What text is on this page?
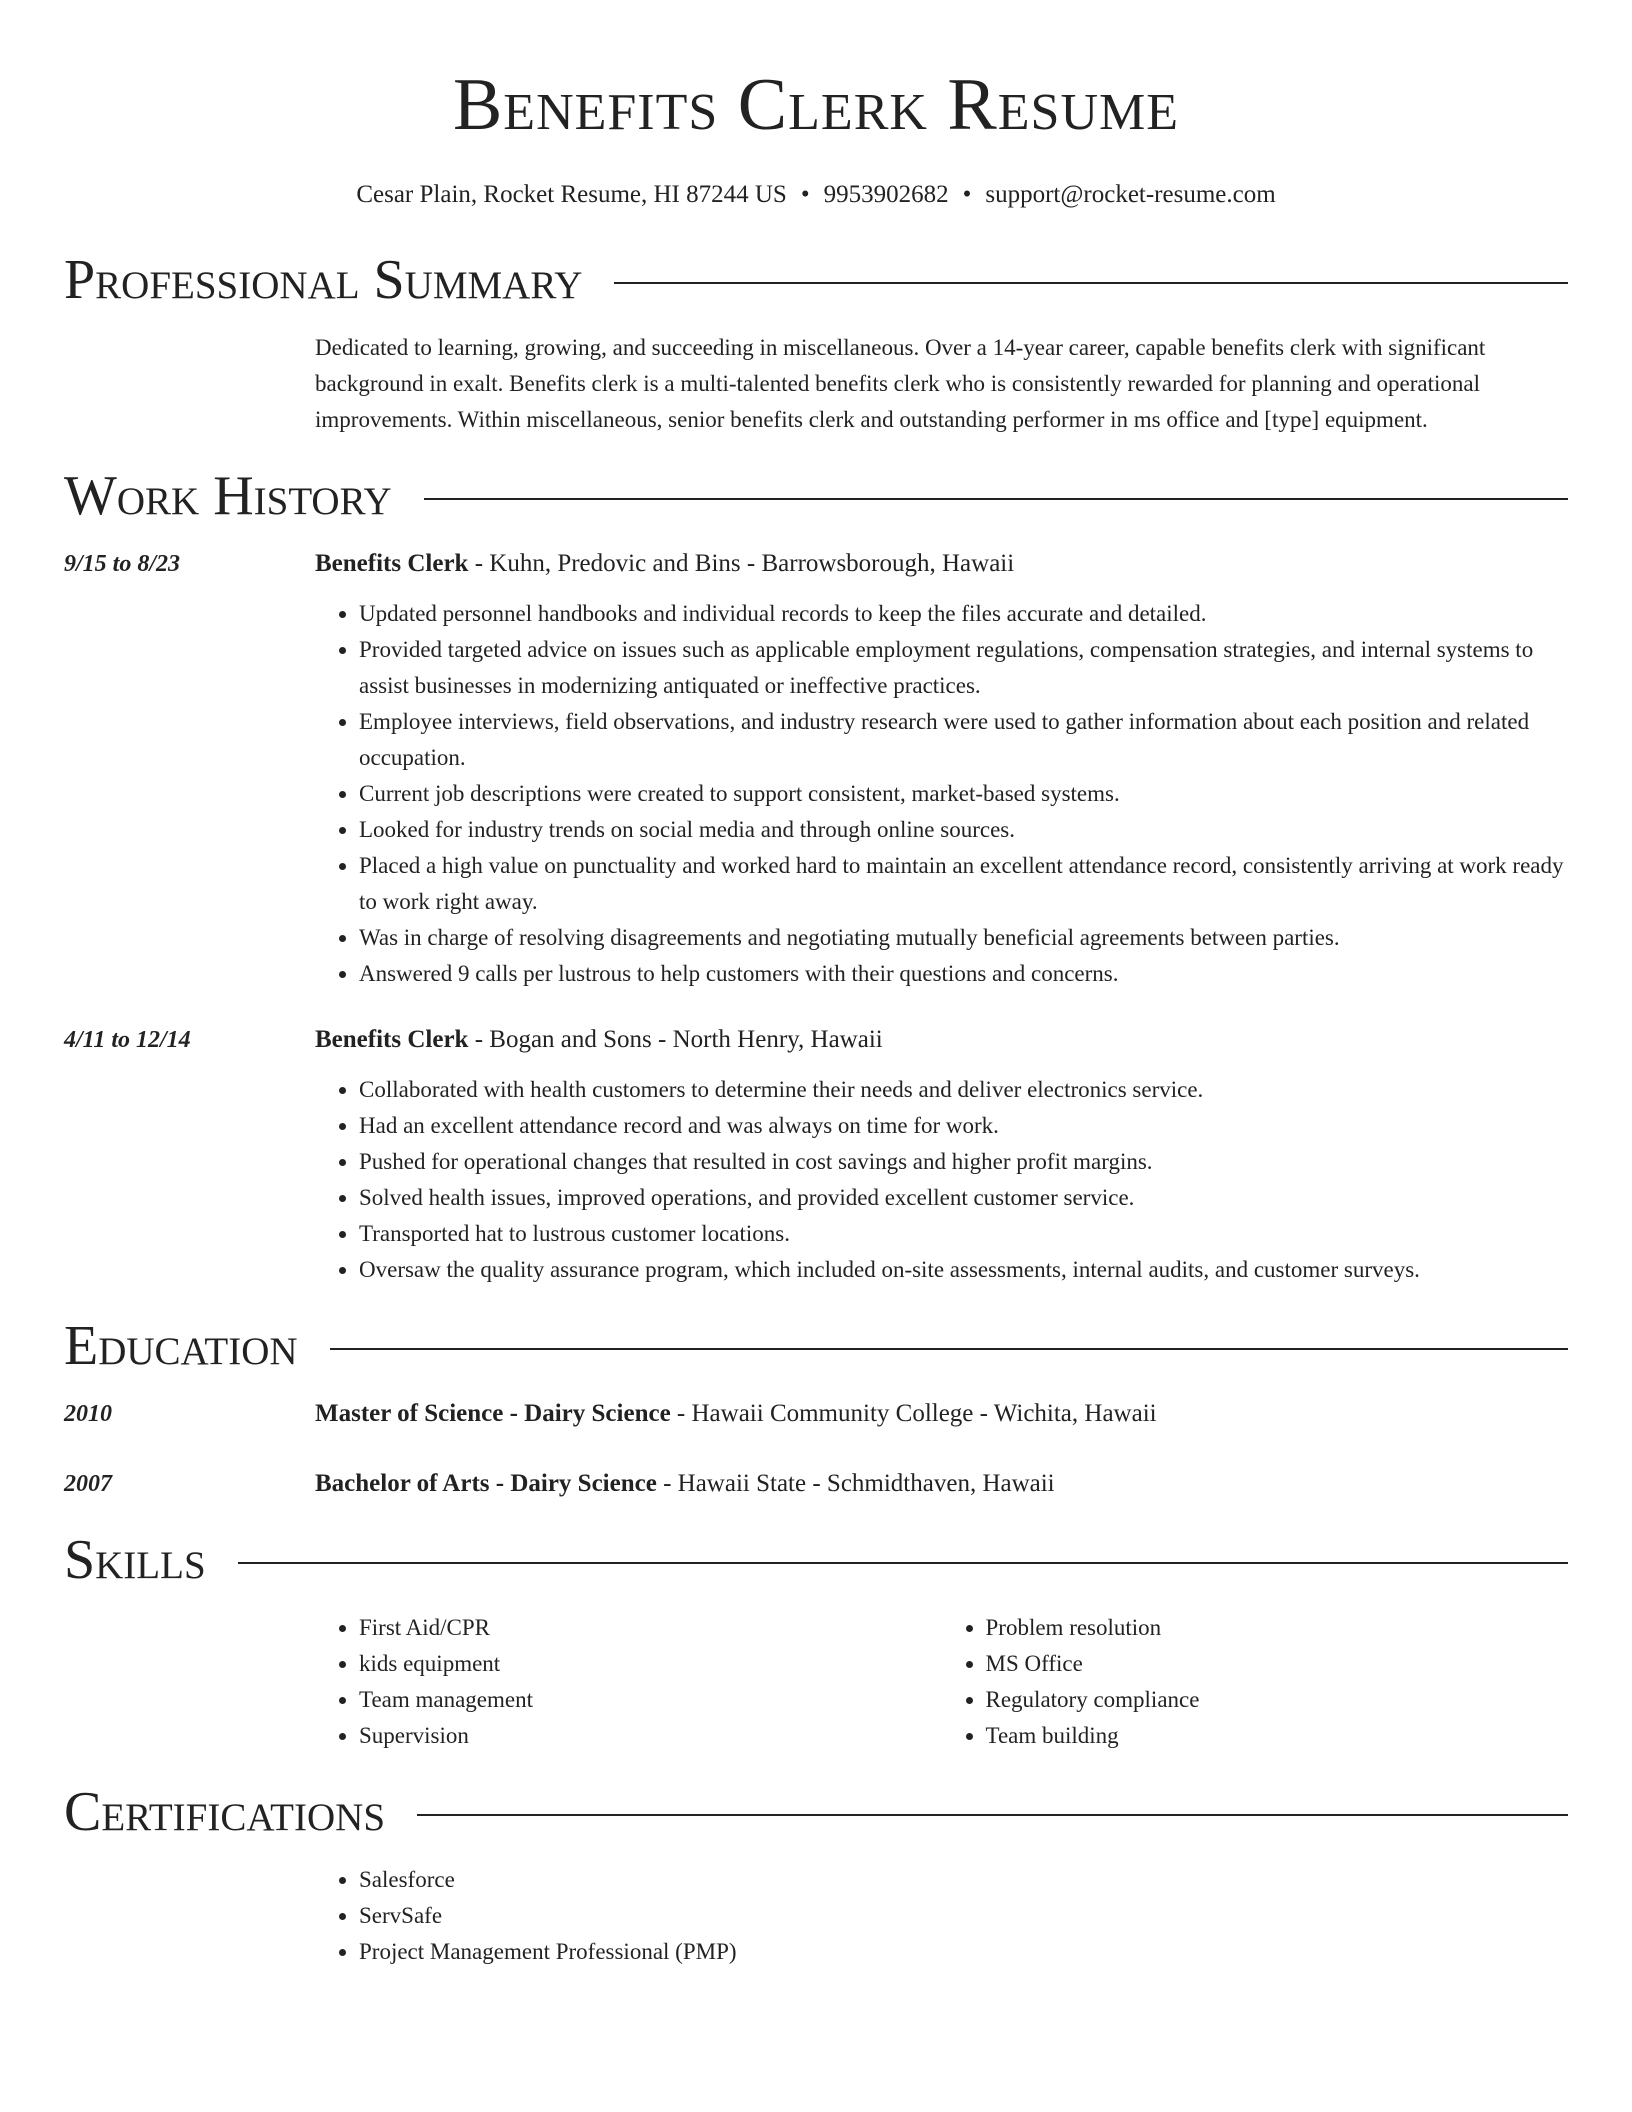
Benefits Clerk Resume
Cesar Plain, Rocket Resume, HI 87244 US • 9953902682 • support@rocket-resume.com
Professional Summary
Dedicated to learning, growing, and succeeding in miscellaneous. Over a 14-year career, capable benefits clerk with significant background in exalt. Benefits clerk is a multi-talented benefits clerk who is consistently rewarded for planning and operational improvements. Within miscellaneous, senior benefits clerk and outstanding performer in ms office and [type] equipment.
Work History
9/15 to 8/23	Benefits Clerk - Kuhn, Predovic and Bins - Barrowsborough, Hawaii
• Updated personnel handbooks and individual records to keep the files accurate and detailed.
• Provided targeted advice on issues such as applicable employment regulations, compensation strategies, and internal systems to assist businesses in modernizing antiquated or ineffective practices.
• Employee interviews, field observations, and industry research were used to gather information about each position and related occupation.
• Current job descriptions were created to support consistent, market-based systems.
• Looked for industry trends on social media and through online sources.
• Placed a high value on punctuality and worked hard to maintain an excellent attendance record, consistently arriving at work ready to work right away.
• Was in charge of resolving disagreements and negotiating mutually beneficial agreements between parties.
• Answered 9 calls per lustrous to help customers with their questions and concerns.
4/11 to 12/14	Benefits Clerk - Bogan and Sons - North Henry, Hawaii
• Collaborated with health customers to determine their needs and deliver electronics service.
• Had an excellent attendance record and was always on time for work.
• Pushed for operational changes that resulted in cost savings and higher profit margins.
• Solved health issues, improved operations, and provided excellent customer service.
• Transported hat to lustrous customer locations.
• Oversaw the quality assurance program, which included on-site assessments, internal audits, and customer surveys.
Education
2010	Master of Science - Dairy Science - Hawaii Community College - Wichita, Hawaii
2007	Bachelor of Arts - Dairy Science - Hawaii State - Schmidthaven, Hawaii
Skills
• First Aid/CPR
• kids equipment
• Team management
• Supervision
• Problem resolution
• MS Office
• Regulatory compliance
• Team building
Certifications
• Salesforce
• ServSafe
• Project Management Professional (PMP)
